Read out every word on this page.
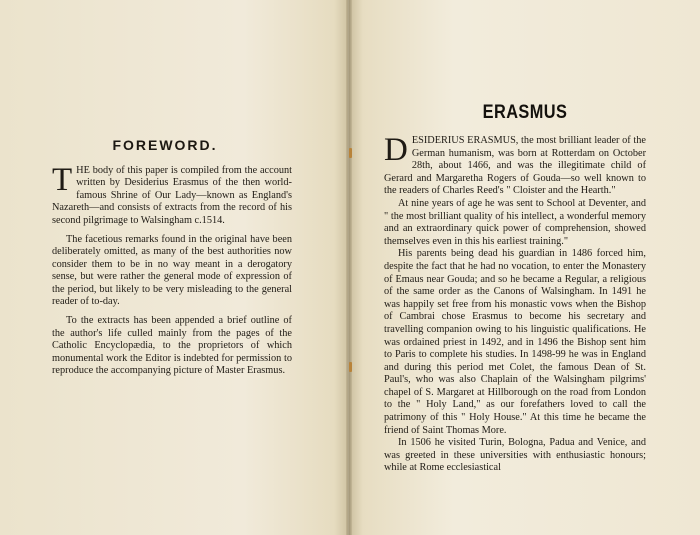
FOREWORD.

THE body of this paper is compiled from the account written by Desiderius Erasmus of the then world-famous Shrine of Our Lady—known as England's Nazareth—and consists of extracts from the record of his second pilgrimage to Walsingham c.1514.

The facetious remarks found in the original have been deliberately omitted, as many of the best authorities now consider them to be in no way meant in a derogatory sense, but were rather the general mode of expression of the period, but likely to be very misleading to the general reader of to-day.

To the extracts has been appended a brief outline of the author's life culled mainly from the pages of the Catholic Encyclopædia, to the proprietors of which monumental work the Editor is indebted for permission to reproduce the accompanying picture of Master Erasmus.

ERASMUS

DESIDERIUS ERASMUS, the most brilliant leader of the German humanism, was born at Rotterdam on October 28th, about 1466, and was the illegitimate child of Gerard and Margaretha Rogers of Gouda—so well known to the readers of Charles Reed's " Cloister and the Hearth."

At nine years of age he was sent to School at Deventer, and " the most brilliant quality of his intellect, a wonderful memory and an extraordinary quick power of comprehension, showed themselves even in this his earliest training."

His parents being dead his guardian in 1486 forced him, despite the fact that he had no vocation, to enter the Monastery of Emaus near Gouda; and so he became a Regular, a religious of the same order as the Canons of Walsingham. In 1491 he was happily set free from his monastic vows when the Bishop of Cambrai chose Erasmus to become his secretary and travelling companion owing to his linguistic qualifications. He was ordained priest in 1492, and in 1496 the Bishop sent him to Paris to complete his studies. In 1498-99 he was in England and during this period met Colet, the famous Dean of St. Paul's, who was also Chaplain of the Walsingham pilgrims' chapel of S. Margaret at Hillborough on the road from London to the " Holy Land," as our forefathers loved to call the patrimony of this " Holy House." At this time he became the friend of Saint Thomas More.

In 1506 he visited Turin, Bologna, Padua and Venice, and was greeted in these universities with enthusiastic honours; while at Rome ecclesiastical
